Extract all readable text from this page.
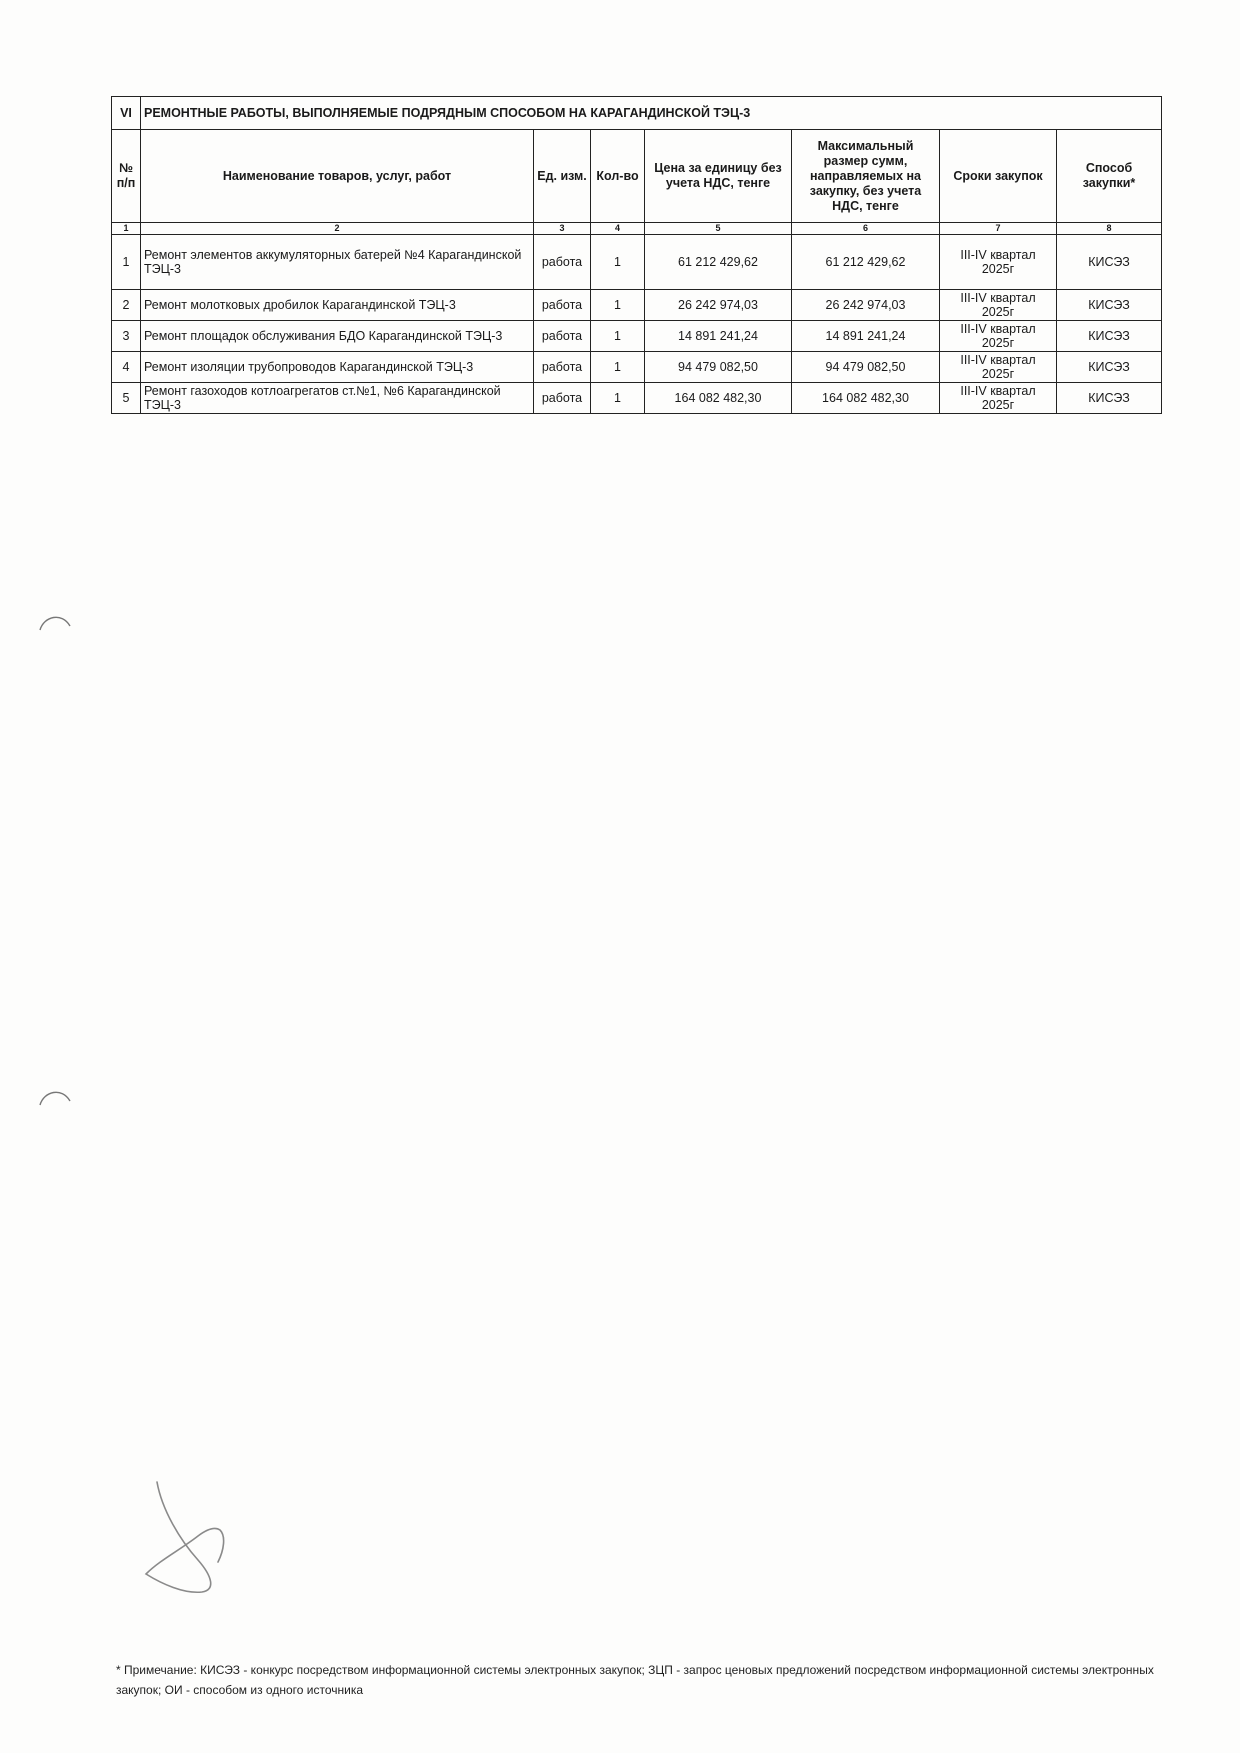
VI	РЕМОНТНЫЕ РАБОТЫ, ВЫПОЛНЯЕМЫЕ ПОДРЯДНЫМ СПОСОБОМ НА КАРАГАНДИНСКОЙ ТЭЦ-3						
№ п/п	Наименование товаров, услуг, работ	Ед. изм.	Кол-во	Цена за единицу без учета НДС, тенге	Максимальный размер сумм, направляемых на закупку, без учета НДС, тенге	Сроки закупок	Способ закупки*
1	2	3	4	5	6	7	8
1	Ремонт элементов аккумуляторных батерей №4 Карагандинской ТЭЦ-3	работа	1	61 212 429,62	61 212 429,62	III-IV квартал 2025г	КИСЭЗ
2	Ремонт молотковых дробилок Карагандинской ТЭЦ-3	работа	1	26 242 974,03	26 242 974,03	III-IV квартал 2025г	КИСЭЗ
3	Ремонт площадок обслуживания БДО Карагандинской ТЭЦ-3	работа	1	14 891 241,24	14 891 241,24	III-IV квартал 2025г	КИСЭЗ
4	Ремонт изоляции трубопроводов Карагандинской ТЭЦ-3	работа	1	94 479 082,50	94 479 082,50	III-IV квартал 2025г	КИСЭЗ
5	Ремонт газоходов котлоагрегатов ст.№1, №6 Карагандинской ТЭЦ-3	работа	1	164 082 482,30	164 082 482,30	III-IV квартал 2025г	КИСЭЗ
* Примечание: КИСЭЗ - конкурс посредством информационной системы электронных закупок; ЗЦП - запрос ценовых предложений посредством информационной системы электронных закупок; ОИ - способом из одного источника
